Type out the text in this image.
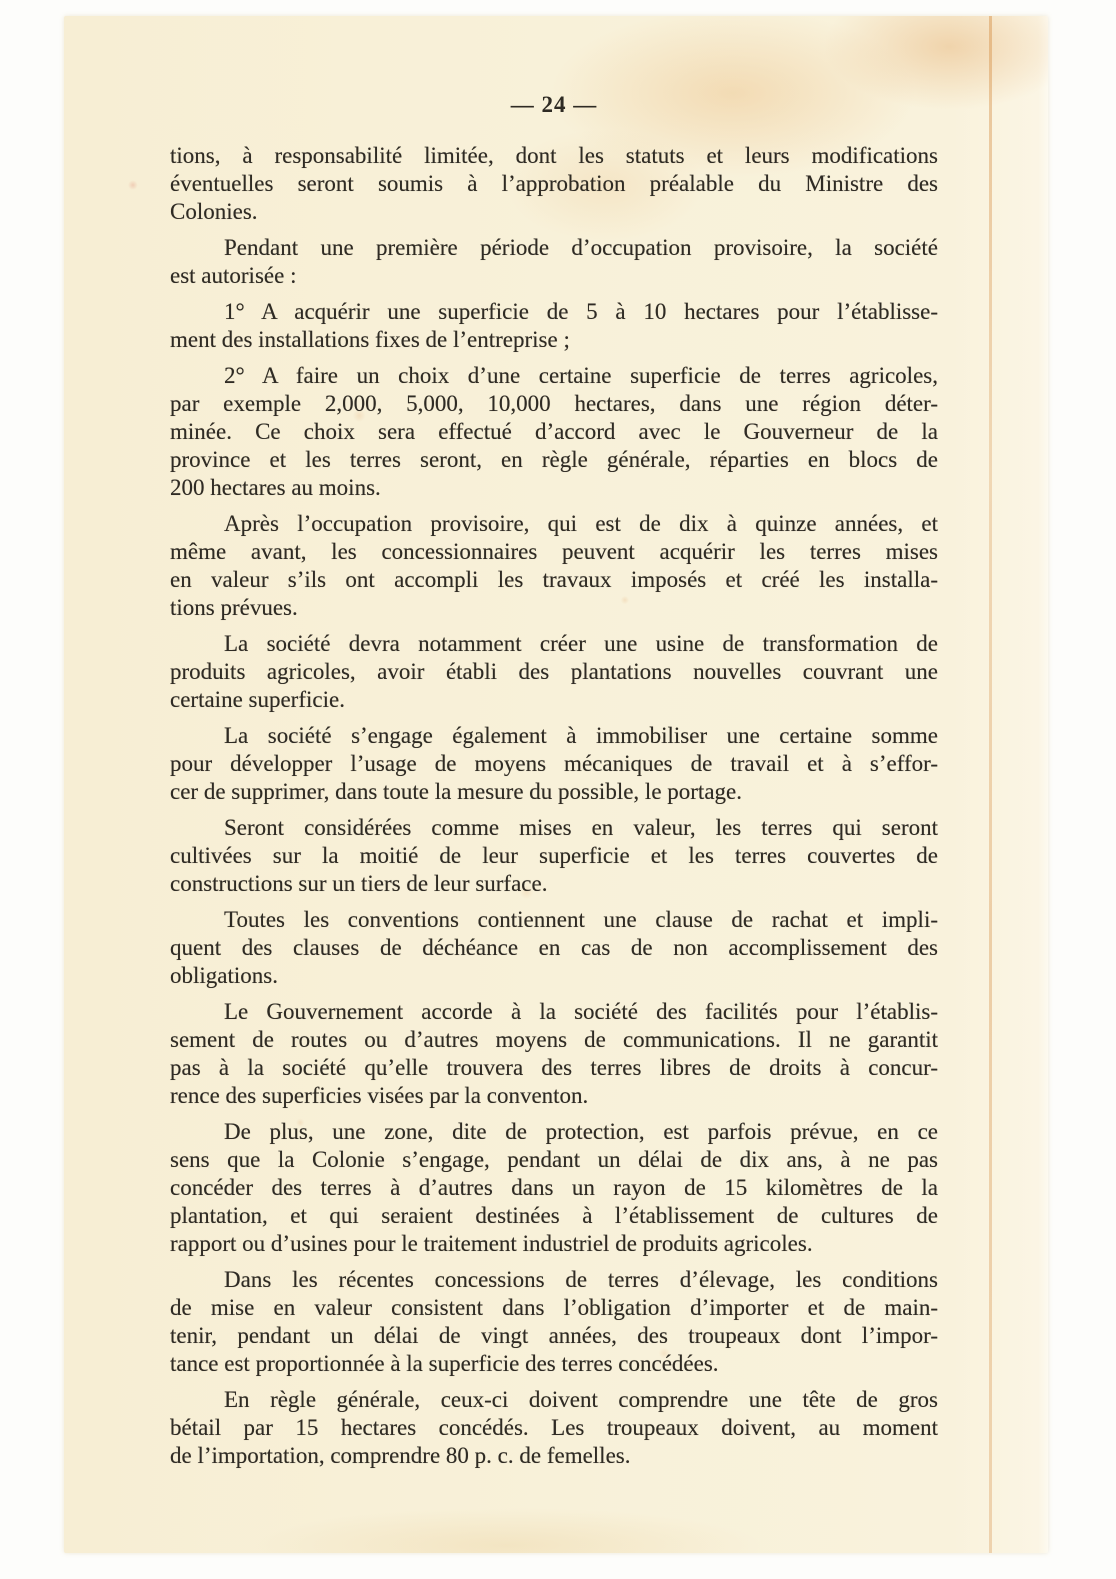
— 24 —
tions, à responsabilité limitée, dont les statuts et leurs modifications
éventuelles seront soumis à l’approbation préalable du Ministre des
Colonies.
Pendant une première période d’occupation provisoire, la société
est autorisée :
1° A acquérir une superficie de 5 à 10 hectares pour l’établisse-
ment des installations fixes de l’entreprise ;
2° A faire un choix d’une certaine superficie de terres agricoles,
par exemple 2,000, 5,000, 10,000 hectares, dans une région déter-
minée. Ce choix sera effectué d’accord avec le Gouverneur de la
province et les terres seront, en règle générale, réparties en blocs de
200 hectares au moins.
Après l’occupation provisoire, qui est de dix à quinze années, et
même avant, les concessionnaires peuvent acquérir les terres mises
en valeur s’ils ont accompli les travaux imposés et créé les installa-
tions prévues.
La société devra notamment créer une usine de transformation de
produits agricoles, avoir établi des plantations nouvelles couvrant une
certaine superficie.
La société s’engage également à immobiliser une certaine somme
pour développer l’usage de moyens mécaniques de travail et à s’effor-
cer de supprimer, dans toute la mesure du possible, le portage.
Seront considérées comme mises en valeur, les terres qui seront
cultivées sur la moitié de leur superficie et les terres couvertes de
constructions sur un tiers de leur surface.
Toutes les conventions contiennent une clause de rachat et impli-
quent des clauses de déchéance en cas de non accomplissement des
obligations.
Le Gouvernement accorde à la société des facilités pour l’établis-
sement de routes ou d’autres moyens de communications. Il ne garantit
pas à la société qu’elle trouvera des terres libres de droits à concur-
rence des superficies visées par la conventon.
De plus, une zone, dite de protection, est parfois prévue, en ce
sens que la Colonie s’engage, pendant un délai de dix ans, à ne pas
concéder des terres à d’autres dans un rayon de 15 kilomètres de la
plantation, et qui seraient destinées à l’établissement de cultures de
rapport ou d’usines pour le traitement industriel de produits agricoles.
Dans les récentes concessions de terres d’élevage, les conditions
de mise en valeur consistent dans l’obligation d’importer et de main-
tenir, pendant un délai de vingt années, des troupeaux dont l’impor-
tance est proportionnée à la superficie des terres concédées.
En règle générale, ceux-ci doivent comprendre une tête de gros
bétail par 15 hectares concédés. Les troupeaux doivent, au moment
de l’importation, comprendre 80 p. c. de femelles.
